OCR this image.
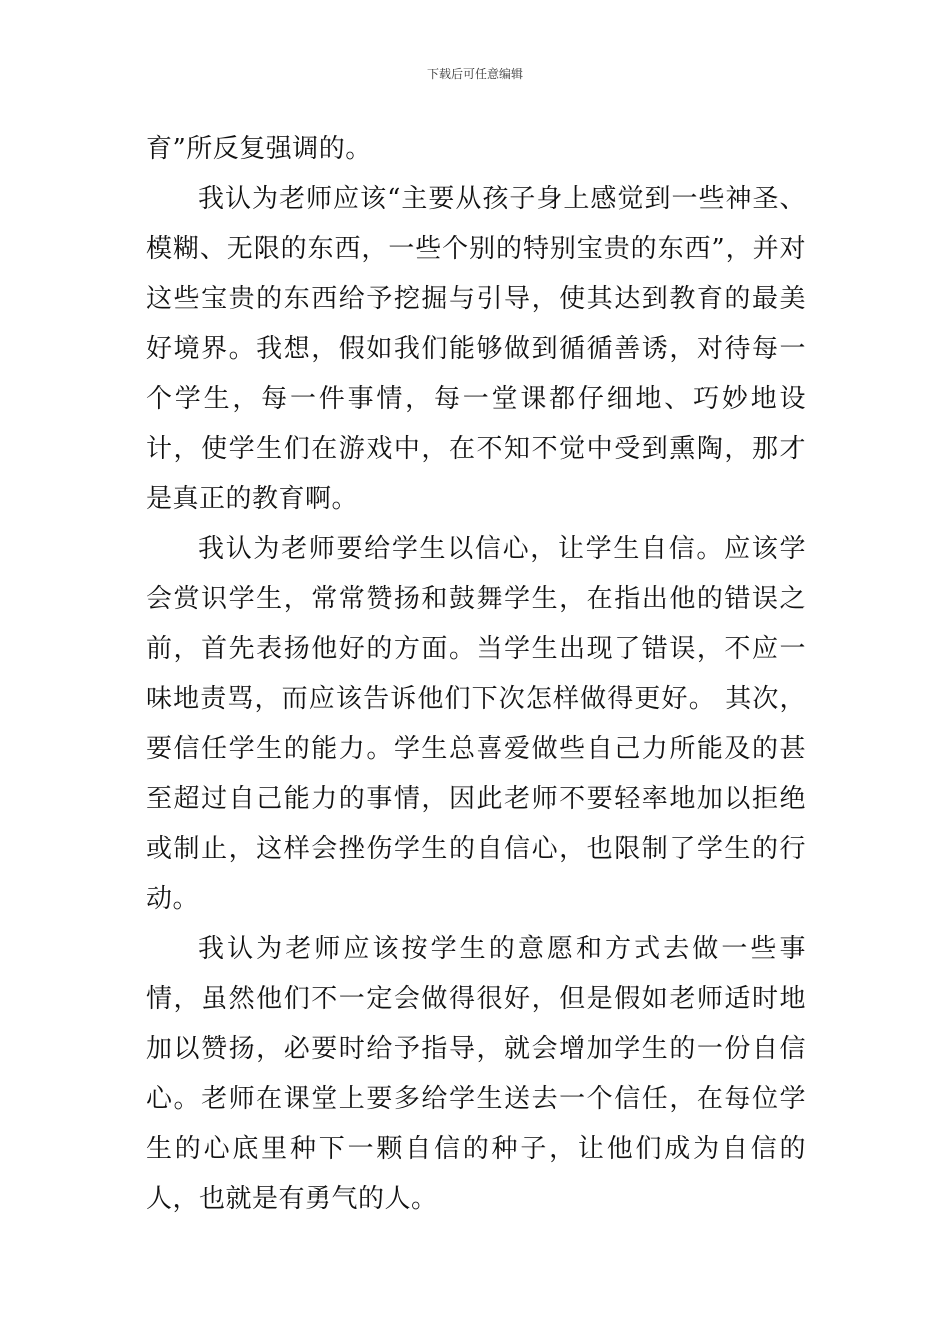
下载后可任意编辑

育”所反复强调的。

我认为老师应该“主要从孩子身上感觉到一些神圣、模糊、无限的东西，一些个别的特别宝贵的东西”，并对这些宝贵的东西给予挖掘与引导，使其达到教育的最美好境界。我想，假如我们能够做到循循善诱，对待每一个学生，每一件事情，每一堂课都仔细地、巧妙地设计，使学生们在游戏中，在不知不觉中受到熏陶，那才是真正的教育啊。

我认为老师要给学生以信心，让学生自信。应该学会赏识学生，常常赞扬和鼓舞学生，在指出他的错误之前，首先表扬他好的方面。当学生出现了错误，不应一味地责骂，而应该告诉他们下次怎样做得更好。 其次，要信任学生的能力。学生总喜爱做些自己力所能及的甚至超过自己能力的事情，因此老师不要轻率地加以拒绝或制止，这样会挫伤学生的自信心，也限制了学生的行动。

我认为老师应该按学生的意愿和方式去做一些事情，虽然他们不一定会做得很好，但是假如老师适时地加以赞扬，必要时给予指导，就会增加学生的一份自信心。老师在课堂上要多给学生送去一个信任，在每位学生的心底里种下一颗自信的种子，让他们成为自信的人，也就是有勇气的人。
